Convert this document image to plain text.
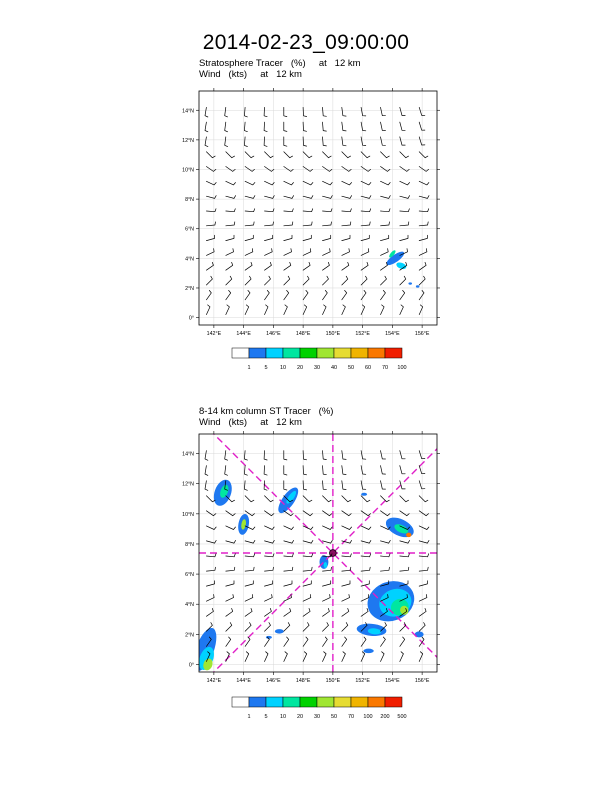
2014-02-23_09:00:00
Stratosphere Tracer   (%)     at   12 km
Wind   (kts)     at   12 km
8-14 km column ST Tracer   (%)
Wind   (kts)     at   12 km
142°E	144°E	146°E	148°E	150°E	152°E	154°E	156°E
0°
2°N
4°N
6°N
8°N
10°N
12°N
14°N
1	5 10 20 30 40 50 60 70 100
142°E	144°E	146°E	148°E	150°E	152°E	154°E	156°E
0°
2°N
4°N
6°N
8°N
10°N
12°N
14°N
1	5 10 20 30 50 70 100 200 500
